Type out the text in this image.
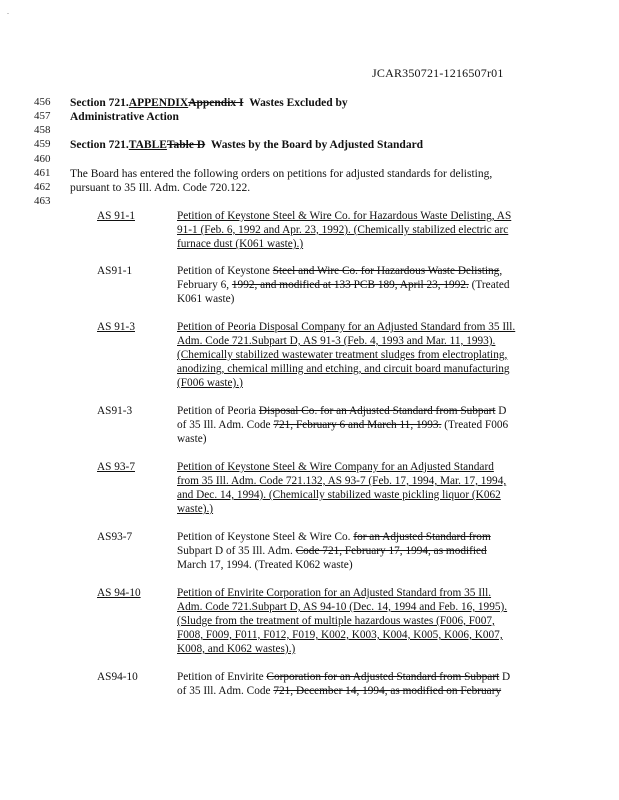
.
JCAR350721-1216507r01
456
457
458
459
460
461
462
463
Section 721.APPENDIXAppendix I Wastes Excluded by
Administrative Action
Section 721.TABLETable D Wastes by the Board by Adjusted Standard
The Board has entered the following orders on petitions for adjusted standards for delisting,
pursuant to 35 Ill. Adm. Code 720.122.
AS 91-1	Petition of Keystone Steel & Wire Co. for Hazardous Waste Delisting, AS
91-1 (Feb. 6, 1992 and Apr. 23, 1992). (Chemically stabilized electric arc
furnace dust (K061 waste).)
AS91-1	Petition of Keystone Steel and Wire Co. for Hazardous Waste Delisting,
February 6, 1992, and modified at 133 PCB 189, April 23, 1992. (Treated
K061 waste)
AS 91-3	Petition of Peoria Disposal Company for an Adjusted Standard from 35 Ill.
Adm. Code 721.Subpart D, AS 91-3 (Feb. 4, 1993 and Mar. 11, 1993).
(Chemically stabilized wastewater treatment sludges from electroplating,
anodizing, chemical milling and etching, and circuit board manufacturing
(F006 waste).)
AS91-3	Petition of Peoria Disposal Co. for an Adjusted Standard from Subpart D
of 35 Ill. Adm. Code 721, February 6 and March 11, 1993. (Treated F006
waste)
AS 93-7	Petition of Keystone Steel & Wire Company for an Adjusted Standard
from 35 Ill. Adm. Code 721.132, AS 93-7 (Feb. 17, 1994, Mar. 17, 1994,
and Dec. 14, 1994). (Chemically stabilized waste pickling liquor (K062
waste).)
AS93-7	Petition of Keystone Steel & Wire Co. for an Adjusted Standard from
Subpart D of 35 Ill. Adm. Code 721, February 17, 1994, as modified
March 17, 1994. (Treated K062 waste)
AS 94-10	Petition of Envirite Corporation for an Adjusted Standard from 35 Ill.
Adm. Code 721.Subpart D, AS 94-10 (Dec. 14, 1994 and Feb. 16, 1995).
(Sludge from the treatment of multiple hazardous wastes (F006, F007,
F008, F009, F011, F012, F019, K002, K003, K004, K005, K006, K007,
K008, and K062 wastes).)
AS94-10	Petition of Envirite Corporation for an Adjusted Standard from Subpart D
of 35 Ill. Adm. Code 721, December 14, 1994, as modified on February
